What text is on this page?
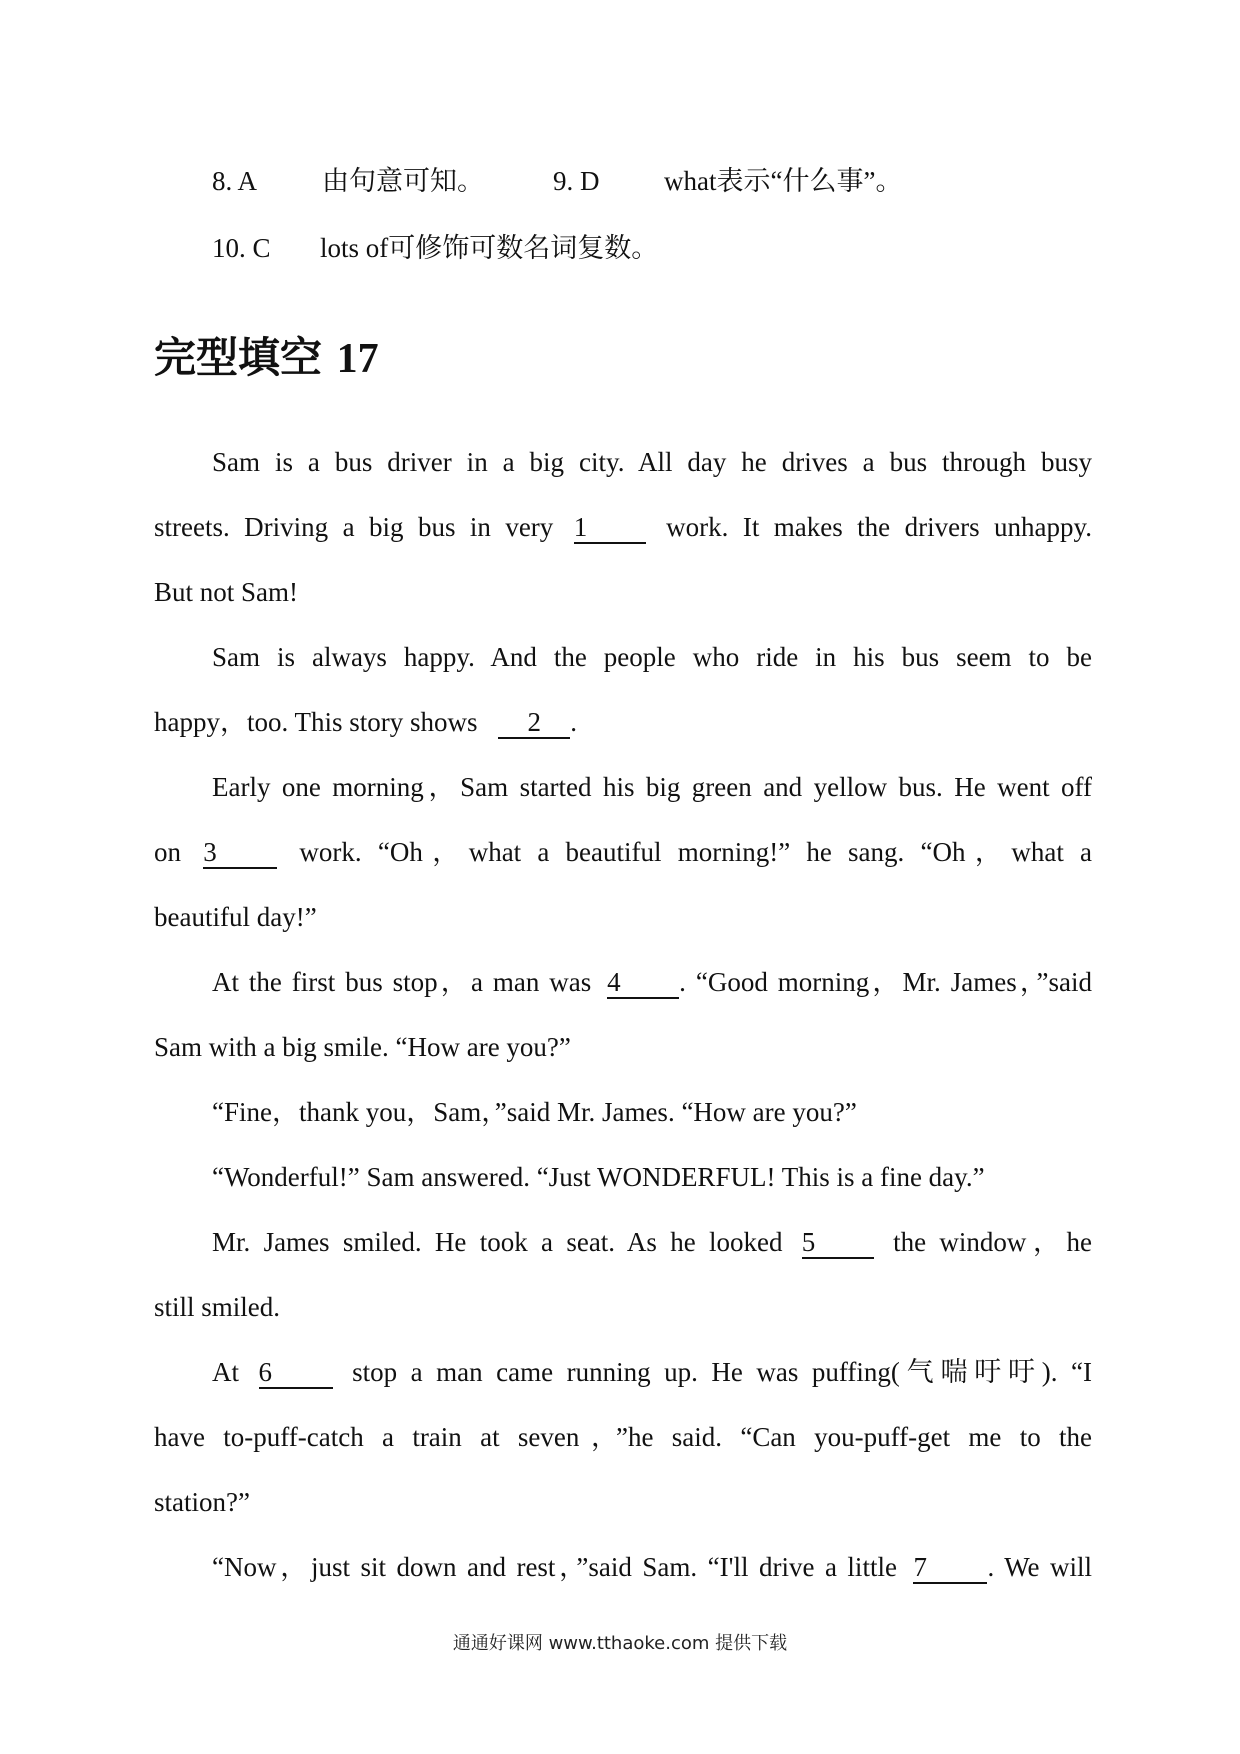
8. A 由句意可知。	9. D what表示“什么事”。
10. C lots of可修饰可数名词复数。
完型填空 17
Sam is a bus driver in a big city. All day he drives a bus through busy
streets. Driving a big bus in very 1	work. It makes the drivers unhappy.
But not Sam!
Sam is always happy. And the people who ride in his bus seem to be
happy，too. This story shows 2 .
Early one morning，Sam started his big green and yellow bus. He went off
on 3	work. “Oh，what a beautiful morning!” he sang. “Oh，what a
beautiful day!”
At the first bus stop，a man was 4 . “Good morning，Mr. James，”said
Sam with a big smile. “How are you?”
“Fine，thank you，Sam，”said Mr. James. “How are you?”
“Wonderful!” Sam answered. “Just WONDERFUL! This is a fine day.”
Mr. James smiled. He took a seat. As he looked 5	the window，he
still smiled.
At 6	stop a man came running up. He was puffing(气喘吁吁). “I
have to-puff-catch a train at seven，”he said. “Can you-puff-get me to the
station?”
“Now，just sit down and rest，”said Sam. “I'll drive a little 7 . We will
通通好课网 www.tthaoke.com 提供下载
